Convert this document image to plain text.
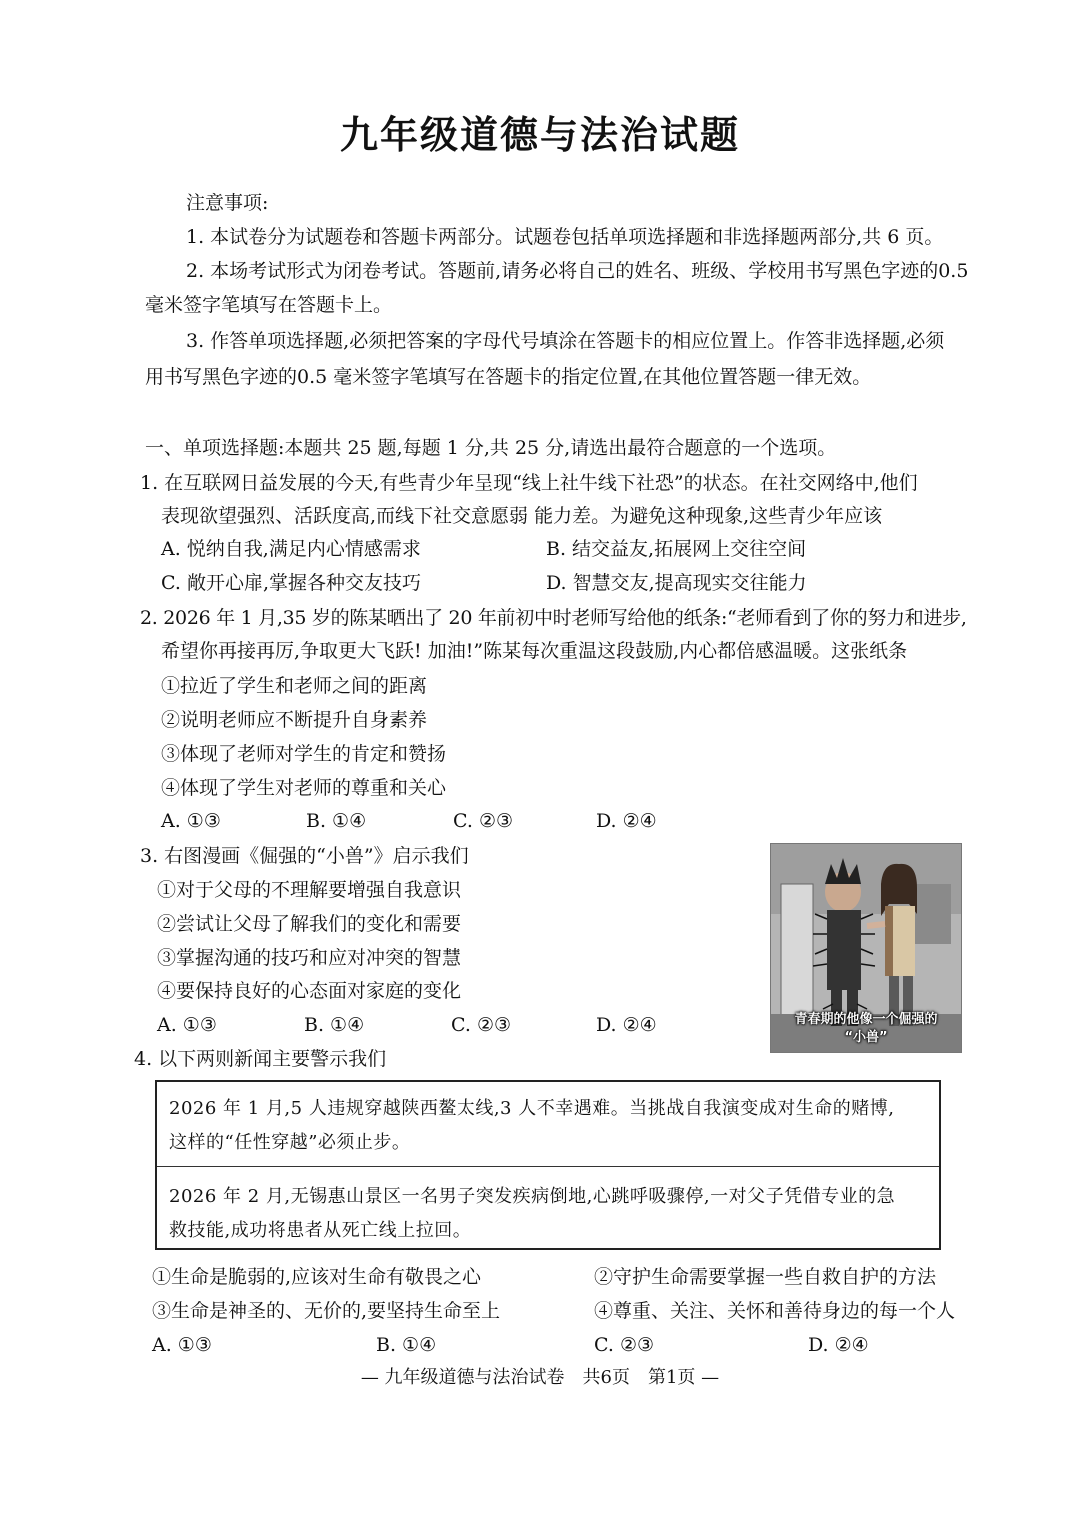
九年级道德与法治试题
注意事项:
1. 本试卷分为试题卷和答题卡两部分。试题卷包括单项选择题和非选择题两部分,共 6 页。
2. 本场考试形式为闭卷考试。答题前,请务必将自己的姓名、班级、学校用书写黑色字迹的0.5
毫米签字笔填写在答题卡上。
3. 作答单项选择题,必须把答案的字母代号填涂在答题卡的相应位置上。作答非选择题,必须
用书写黑色字迹的0.5 毫米签字笔填写在答题卡的指定位置,在其他位置答题一律无效。
一、单项选择题:本题共 25 题,每题 1 分,共 25 分,请选出最符合题意的一个选项。
1. 在互联网日益发展的今天,有些青少年呈现“线上社牛线下社恐”的状态。在社交网络中,他们
表现欲望强烈、活跃度高,而线下社交意愿弱 能力差。为避免这种现象,这些青少年应该
A. 悦纳自我,满足内心情感需求	B. 结交益友,拓展网上交往空间
C. 敞开心扉,掌握各种交友技巧	D. 智慧交友,提高现实交往能力
2. 2026 年 1 月,35 岁的陈某晒出了 20 年前初中时老师写给他的纸条:“老师看到了你的努力和进步,
希望你再接再厉,争取更大飞跃! 加油!”陈某每次重温这段鼓励,内心都倍感温暖。这张纸条
①拉近了学生和老师之间的距离
②说明老师应不断提升自身素养
③体现了老师对学生的肯定和赞扬
④体现了学生对老师的尊重和关心
A. ①③	B. ①④	C. ②③	D. ②④
3. 右图漫画《倔强的“小兽”》启示我们
①对于父母的不理解要增强自我意识
②尝试让父母了解我们的变化和需要
③掌握沟通的技巧和应对冲突的智慧
④要保持良好的心态面对家庭的变化
A. ①③	B. ①④	C. ②③	D. ②④	青春期的他像一个倔强的
“小兽”
4. 以下两则新闻主要警示我们
2026 年 1 月,5 人违规穿越陕西鳌太线,3 人不幸遇难。当挑战自我演变成对生命的赌博,
这样的“任性穿越”必须止步。
2026 年 2 月,无锡惠山景区一名男子突发疾病倒地,心跳呼吸骤停,一对父子凭借专业的急
救技能,成功将患者从死亡线上拉回。
①生命是脆弱的,应该对生命有敬畏之心	②守护生命需要掌握一些自救自护的方法
③生命是神圣的、无价的,要坚持生命至上	④尊重、关注、关怀和善待身边的每一个人
A. ①③	B. ①④	C. ②③	D. ②④
— 九年级道德与法治试卷　共6页　第1页 —
